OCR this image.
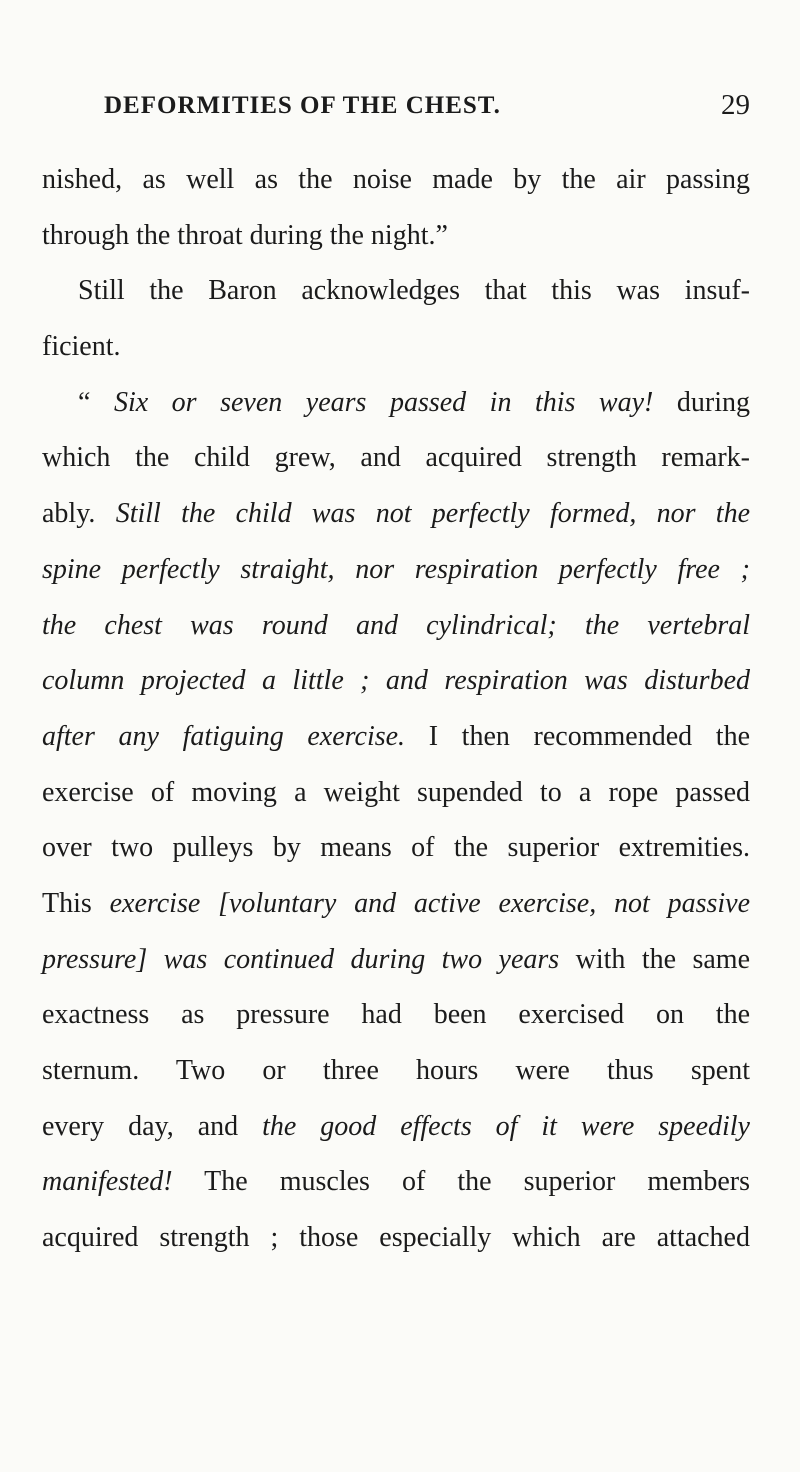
DEFORMITIES OF THE CHEST.	29
nished, as well as the noise made by the air passing
through the throat during the night.”
Still the Baron acknowledges that this was insuf-
ficient.
“ Six or seven years passed in this way! during
which the child grew, and acquired strength remark-
ably. Still the child was not perfectly formed, nor the
spine perfectly straight, nor respiration perfectly free ;
the chest was round and cylindrical; the vertebral
column projected a little ; and respiration was disturbed
after any fatiguing exercise. I then recommended the
exercise of moving a weight supended to a rope passed
over two pulleys by means of the superior extremities.
This exercise [voluntary and active exercise, not passive
pressure] was continued during two years with the same
exactness as pressure had been exercised on the
sternum. Two or three hours were thus spent
every day, and the good effects of it were speedily
manifested! The muscles of the superior members
acquired strength ; those especially which are attached
